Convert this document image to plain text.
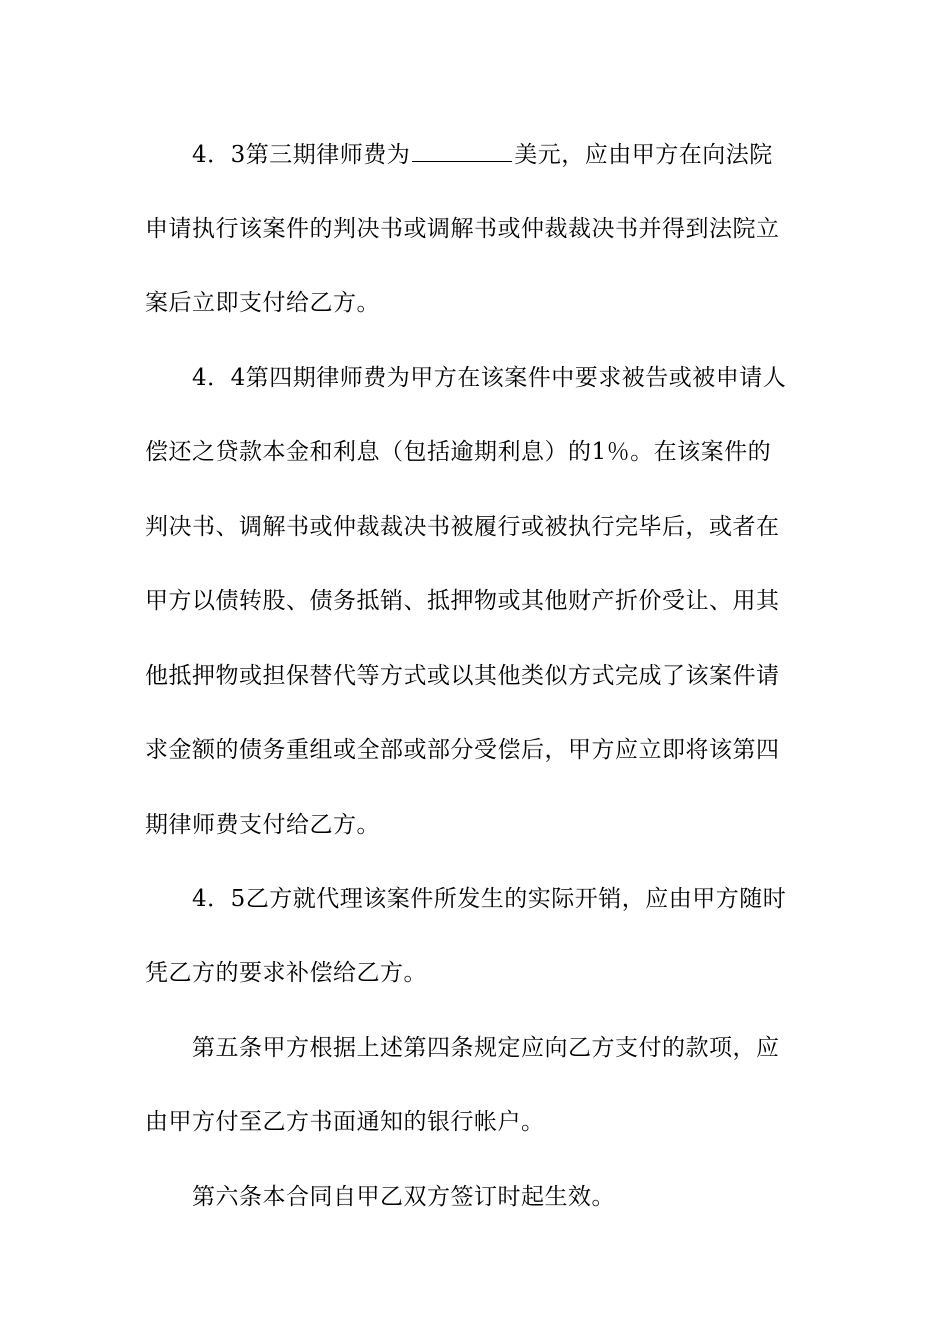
4．3第三期律师费为	美元，应由甲方在向法院
申请执行该案件的判决书或调解书或仲裁裁决书并得到法院立
案后立即支付给乙方。
4．4第四期律师费为甲方在该案件中要求被告或被申请人
偿还之贷款本金和利息（包括逾期利息）的1％。在该案件的
判决书、调解书或仲裁裁决书被履行或被执行完毕后，或者在
甲方以债转股、债务抵销、抵押物或其他财产折价受让、用其
他抵押物或担保替代等方式或以其他类似方式完成了该案件请
求金额的债务重组或全部或部分受偿后，甲方应立即将该第四
期律师费支付给乙方。
4．5乙方就代理该案件所发生的实际开销，应由甲方随时
凭乙方的要求补偿给乙方。
第五条甲方根据上述第四条规定应向乙方支付的款项，应
由甲方付至乙方书面通知的银行帐户。
第六条本合同自甲乙双方签订时起生效。
